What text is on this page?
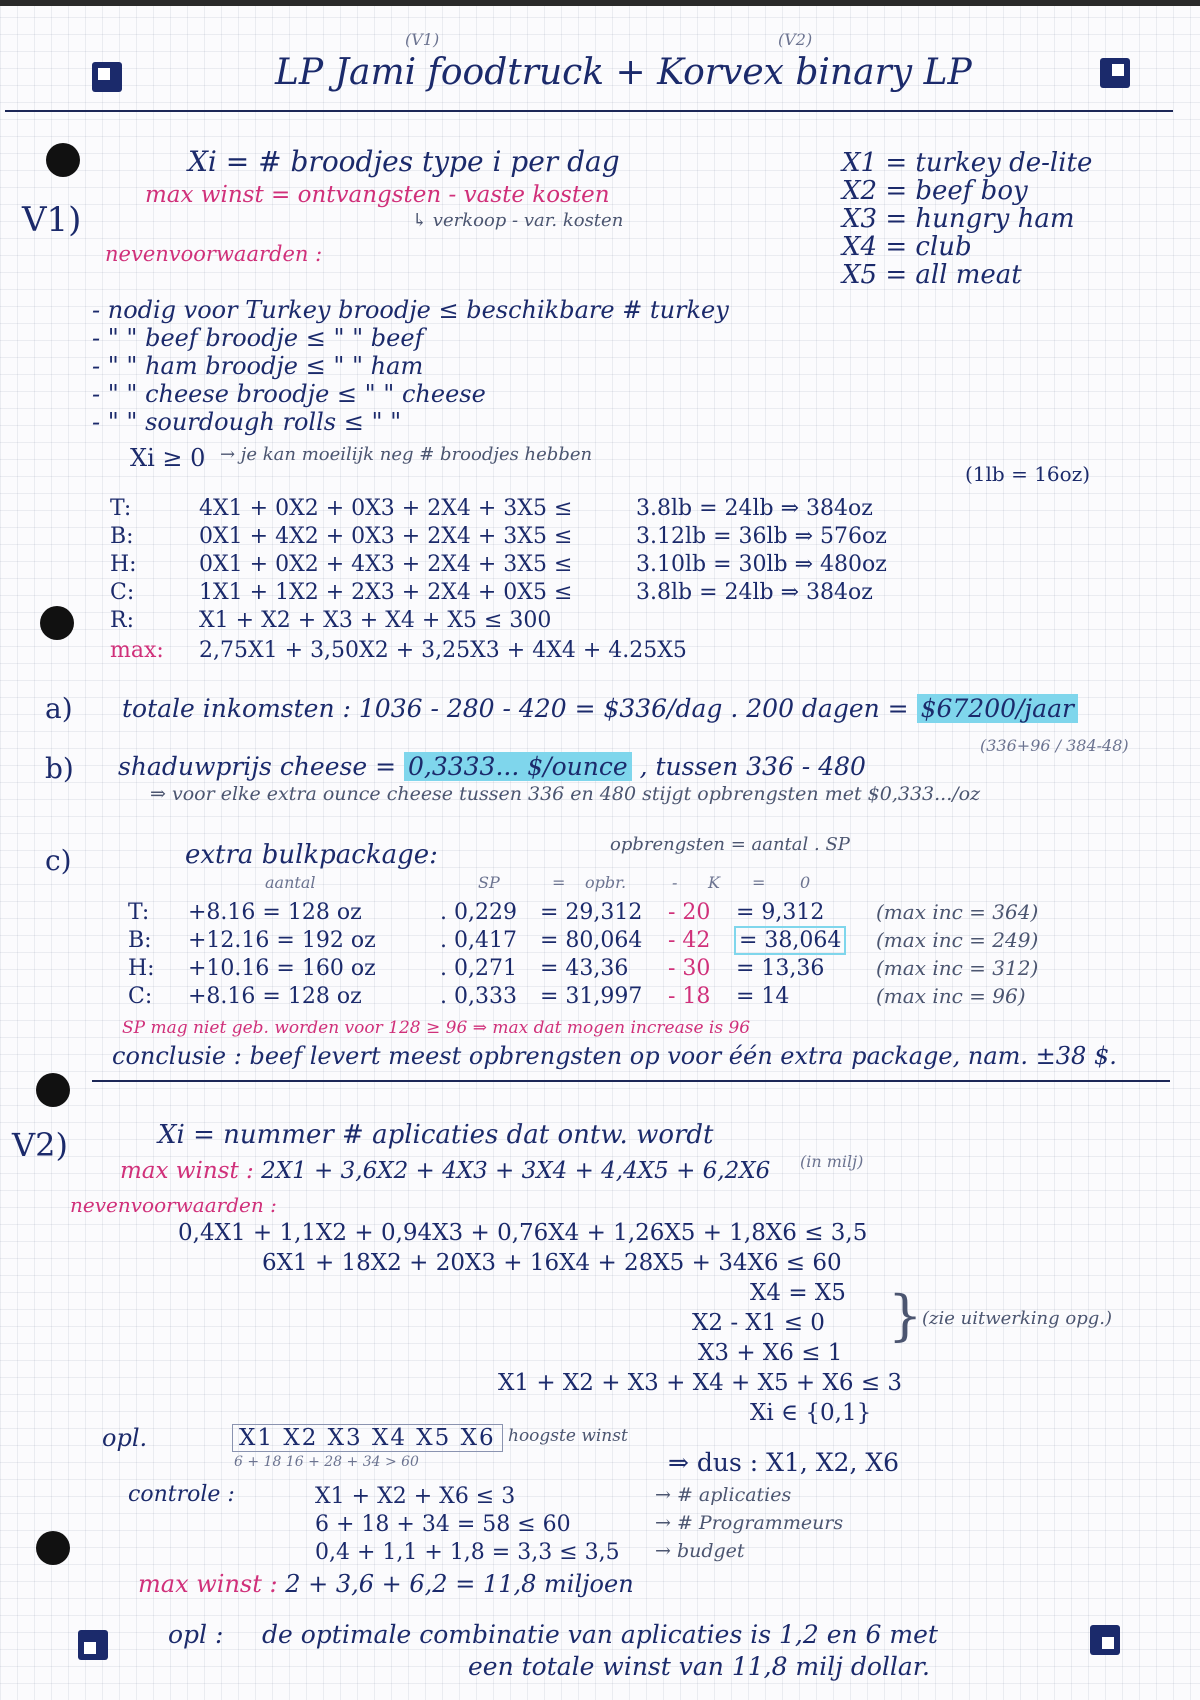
(V1)	(V2)
LP Jami foodtruck + Korvex binary LP
V1)
Xi = # broodjes type i per dag
max winst = ontvangsten - vaste kosten
↳ verkoop - var. kosten
nevenvoorwaarden :
X1 = turkey de-lite
X2 = beef boy
X3 = hungry ham
X4 = club
X5 = all meat
- nodig voor Turkey broodje ≤ beschikbare # turkey
- " " beef broodje ≤ " " beef
- " " ham broodje ≤ " " ham
- " " cheese broodje ≤ " " cheese
- " " sourdough rolls ≤ " "
Xi ≥ 0 → je kan moeilijk neg # broodjes hebben
(1lb = 16oz)
T:	4X1 + 0X2 + 0X3 + 2X4 + 3X5 ≤	3.8lb = 24lb ⇒ 384oz
B:	0X1 + 4X2 + 0X3 + 2X4 + 3X5 ≤	3.12lb = 36lb ⇒ 576oz
H:	0X1 + 0X2 + 4X3 + 2X4 + 3X5 ≤	3.10lb = 30lb ⇒ 480oz
C:	1X1 + 1X2 + 2X3 + 2X4 + 0X5 ≤	3.8lb = 24lb ⇒ 384oz
R:	X1 + X2 + X3 + X4 + X5 ≤ 300
max: 2,75X1 + 3,50X2 + 3,25X3 + 4X4 + 4.25X5
a) totale inkomsten : 1036 - 280 - 420 = $336/dag . 200 dagen = $67200/jaar
b) shaduwprijs cheese = 0,3333... $/ounce , tussen 336 - 480
(336+96 / 384-48)
⇒ voor elke extra ounce cheese tussen 336 en 480 stijgt opbrengsten met $0,333.../oz
c)	extra bulkpackage:	opbrengsten = aantal . SP
aantal	SP	= opbr.	- K = 0
T: +8.16 = 128 oz	. 0,229 = 29,312 - 20 = 9,312	(max inc = 364)
B: +12.16 = 192 oz	. 0,417 = 80,064 - 42 = 38,064 (max inc = 249)
H: +10.16 = 160 oz	. 0,271 = 43,36 - 30 = 13,36	(max inc = 312)
C: +8.16 = 128 oz	. 0,333 = 31,997 - 18 = 14	(max inc = 96)
SP mag niet geb. worden voor 128 ≥ 96 ⇒ max dat mogen increase is 96
conclusie : beef levert meest opbrengsten op voor één extra package, nam. ±38 $.
V2)	Xi = nummer # aplicaties dat ontw. wordt
max winst : 2X1 + 3,6X2 + 4X3 + 3X4 + 4,4X5 + 6,2X6 (in milj)
nevenvoorwaarden :
0,4X1 + 1,1X2 + 0,94X3 + 0,76X4 + 1,26X5 + 1,8X6 ≤ 3,5
6X1 + 18X2 + 20X3 + 16X4 + 28X5 + 34X6 ≤ 60
X4 = X5
X2 - X1 ≤ 0
X3 + X6 ≤ 1
X1 + X2 + X3 + X4 + X5 + X6 ≤ 3
Xi ∈ {0,1}
} (zie uitwerking opg.)
opl.	X1 X2 X3 X4 X5 X6 hoogste winst
6 + 18 16 + 28 + 34 > 60	⇒ dus : X1, X2, X6
controle :	X1 + X2 + X6 ≤ 3	→ # aplicaties
6 + 18 + 34 = 58 ≤ 60	→ # Programmeurs
0,4 + 1,1 + 1,8 = 3,3 ≤ 3,5 → budget
max winst : 2 + 3,6 + 6,2 = 11,8 miljoen
opl : de optimale combinatie van aplicaties is 1,2 en 6 met
een totale winst van 11,8 milj dollar.
